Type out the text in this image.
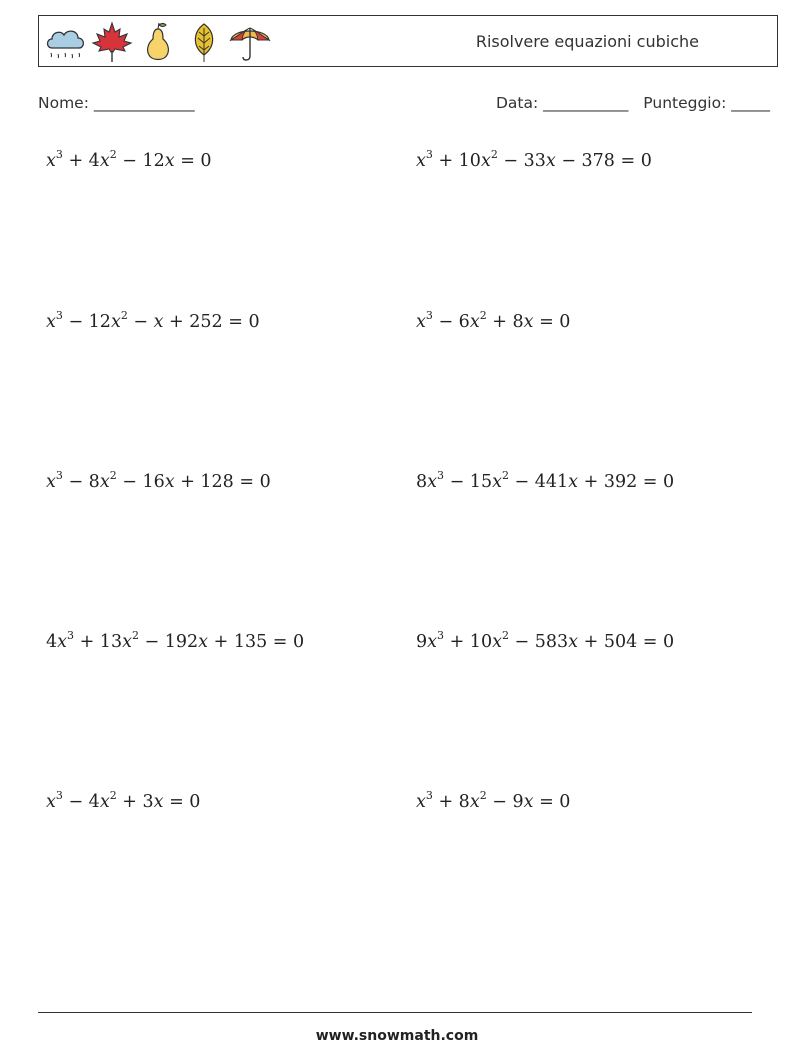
Risolvere equazioni cubiche
Nome: _____________	Data: ___________ Punteggio: _____
$x^3 + 4x^2 - 12x = 0$	$x^3 + 10x^2 - 33x - 378 = 0$
$x^3 - 12x^2 - x + 252 = 0$	$x^3 - 6x^2 + 8x = 0$
$x^3 - 8x^2 - 16x + 128 = 0$	$8x^3 - 15x^2 - 441x + 392 = 0$
$4x^3 + 13x^2 - 192x + 135 = 0$	$9x^3 + 10x^2 - 583x + 504 = 0$
$x^3 - 4x^2 + 3x = 0$	$x^3 + 8x^2 - 9x = 0$
www.snowmath.com
